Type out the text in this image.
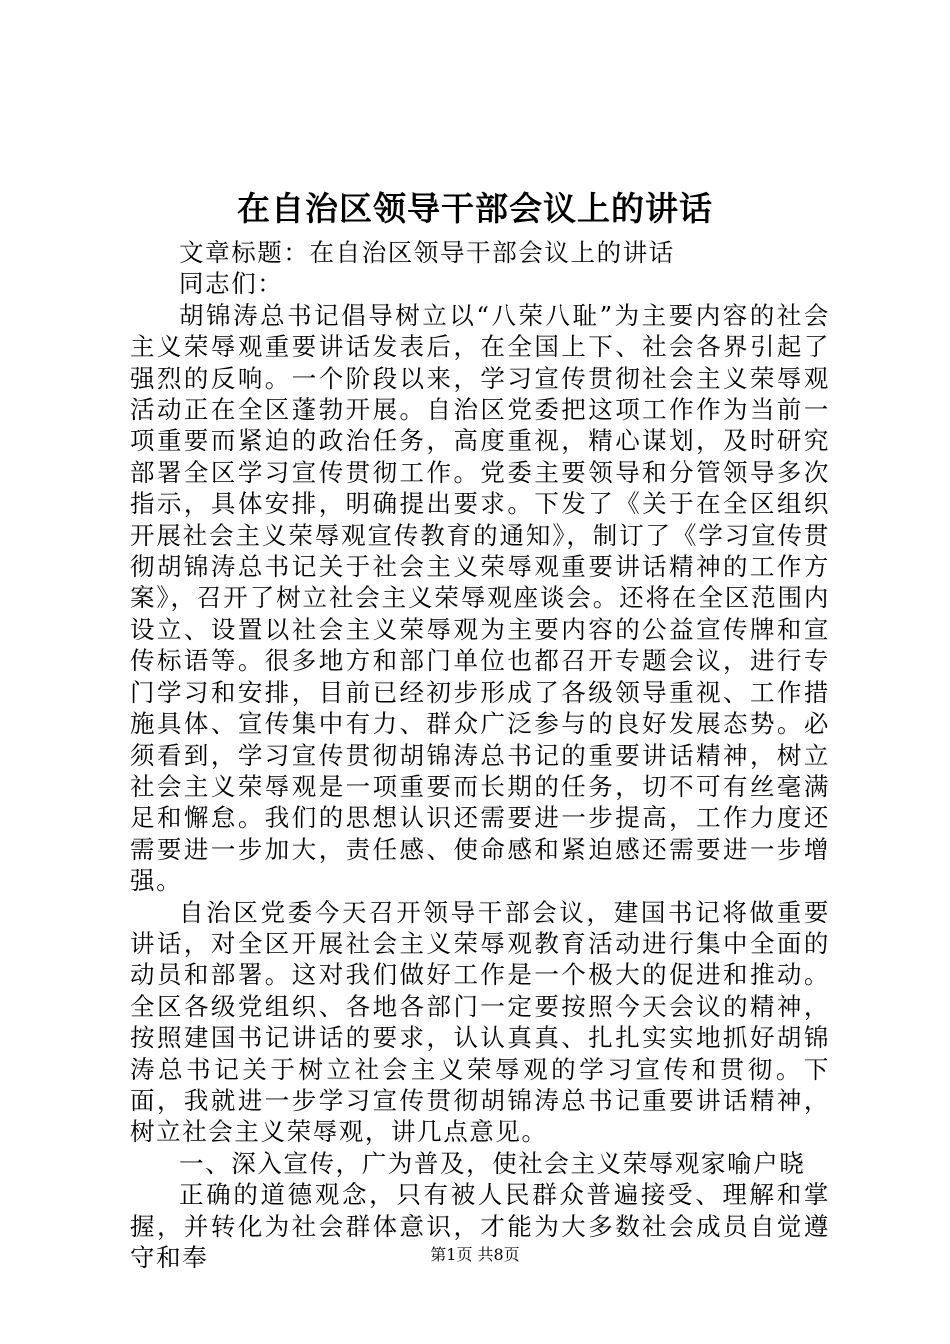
在自治区领导干部会议上的讲话

文章标题：在自治区领导干部会议上的讲话

同志们：

胡锦涛总书记倡导树立以“八荣八耻”为主要内容的社会主义荣辱观重要讲话发表后，在全国上下、社会各界引起了强烈的反响。一个阶段以来，学习宣传贯彻社会主义荣辱观活动正在全区蓬勃开展。自治区党委把这项工作作为当前一项重要而紧迫的政治任务，高度重视，精心谋划，及时研究部署全区学习宣传贯彻工作。党委主要领导和分管领导多次指示，具体安排，明确提出要求。下发了《关于在全区组织开展社会主义荣辱观宣传教育的通知》，制订了《学习宣传贯彻胡锦涛总书记关于社会主义荣辱观重要讲话精神的工作方案》，召开了树立社会主义荣辱观座谈会。还将在全区范围内设立、设置以社会主义荣辱观为主要内容的公益宣传牌和宣传标语等。很多地方和部门单位也都召开专题会议，进行专门学习和安排，目前已经初步形成了各级领导重视、工作措施具体、宣传集中有力、群众广泛参与的良好发展态势。必须看到，学习宣传贯彻胡锦涛总书记的重要讲话精神，树立社会主义荣辱观是一项重要而长期的任务，切不可有丝毫满足和懈怠。我们的思想认识还需要进一步提高，工作力度还需要进一步加大，责任感、使命感和紧迫感还需要进一步增强。

自治区党委今天召开领导干部会议，建国书记将做重要讲话，对全区开展社会主义荣辱观教育活动进行集中全面的动员和部署。这对我们做好工作是一个极大的促进和推动。全区各级党组织、各地各部门一定要按照今天会议的精神，按照建国书记讲话的要求，认认真真、扎扎实实地抓好胡锦涛总书记关于树立社会主义荣辱观的学习宣传和贯彻。下面，我就进一步学习宣传贯彻胡锦涛总书记重要讲话精神，树立社会主义荣辱观，讲几点意见。

一、深入宣传，广为普及，使社会主义荣辱观家喻户晓

正确的道德观念，只有被人民群众普遍接受、理解和掌握，并转化为社会群体意识，才能为大多数社会成员自觉遵守和奉	第1页 共8页
